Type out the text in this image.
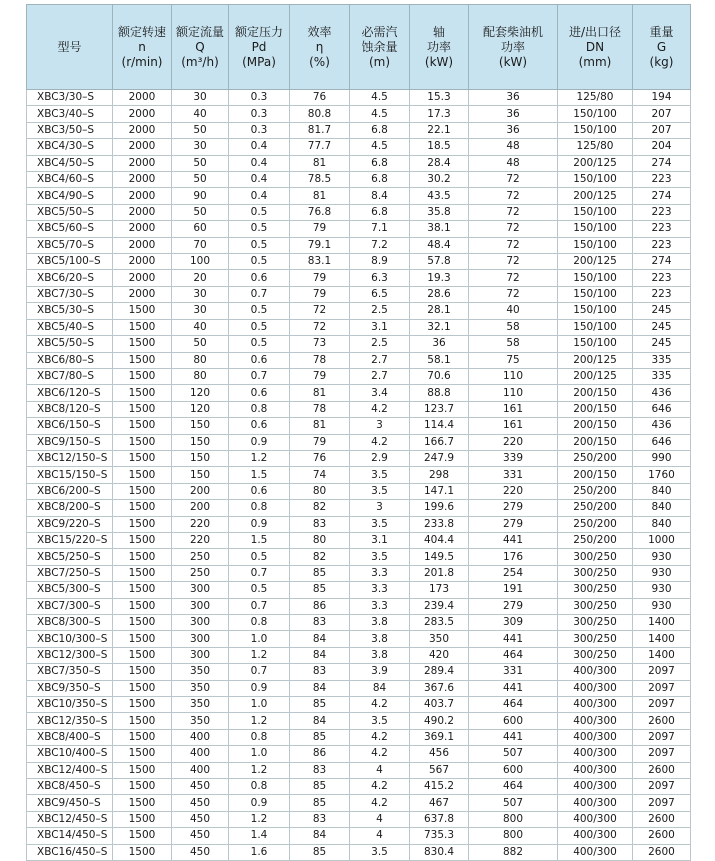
型号	额定转速
n
(r/min)	额定流量
Q
(m³/h)	额定压力
Pd
(MPa)	效率
η
(%)	必需汽
蚀余量
(m)	轴
功率
(kW)	配套柴油机
功率
(kW)	进/出口径
DN
(mm)	重量
G
(kg)

XBC3/30–S	2000	30	0.3	76	4.5	15.3	36	125/80	194
XBC3/40–S	2000	40	0.3	80.8	4.5	17.3	36	150/100	207
XBC3/50–S	2000	50	0.3	81.7	6.8	22.1	36	150/100	207
XBC4/30–S	2000	30	0.4	77.7	4.5	18.5	48	125/80	204
XBC4/50–S	2000	50	0.4	81	6.8	28.4	48	200/125	274
XBC4/60–S	2000	50	0.4	78.5	6.8	30.2	72	150/100	223
XBC4/90–S	2000	90	0.4	81	8.4	43.5	72	200/125	274
XBC5/50–S	2000	50	0.5	76.8	6.8	35.8	72	150/100	223
XBC5/60–S	2000	60	0.5	79	7.1	38.1	72	150/100	223
XBC5/70–S	2000	70	0.5	79.1	7.2	48.4	72	150/100	223
XBC5/100–S	2000	100	0.5	83.1	8.9	57.8	72	200/125	274
XBC6/20–S	2000	20	0.6	79	6.3	19.3	72	150/100	223
XBC7/30–S	2000	30	0.7	79	6.5	28.6	72	150/100	223
XBC5/30–S	1500	30	0.5	72	2.5	28.1	40	150/100	245
XBC5/40–S	1500	40	0.5	72	3.1	32.1	58	150/100	245
XBC5/50–S	1500	50	0.5	73	2.5	36	58	150/100	245
XBC6/80–S	1500	80	0.6	78	2.7	58.1	75	200/125	335
XBC7/80–S	1500	80	0.7	79	2.7	70.6	110	200/125	335
XBC6/120–S	1500	120	0.6	81	3.4	88.8	110	200/150	436
XBC8/120–S	1500	120	0.8	78	4.2	123.7	161	200/150	646
XBC6/150–S	1500	150	0.6	81	3	114.4	161	200/150	436
XBC9/150–S	1500	150	0.9	79	4.2	166.7	220	200/150	646
XBC12/150–S	1500	150	1.2	76	2.9	247.9	339	250/200	990
XBC15/150–S	1500	150	1.5	74	3.5	298	331	200/150	1760
XBC6/200–S	1500	200	0.6	80	3.5	147.1	220	250/200	840
XBC8/200–S	1500	200	0.8	82	3	199.6	279	250/200	840
XBC9/220–S	1500	220	0.9	83	3.5	233.8	279	250/200	840
XBC15/220–S	1500	220	1.5	80	3.1	404.4	441	250/200	1000
XBC5/250–S	1500	250	0.5	82	3.5	149.5	176	300/250	930
XBC7/250–S	1500	250	0.7	85	3.3	201.8	254	300/250	930
XBC5/300–S	1500	300	0.5	85	3.3	173	191	300/250	930
XBC7/300–S	1500	300	0.7	86	3.3	239.4	279	300/250	930
XBC8/300–S	1500	300	0.8	83	3.8	283.5	309	300/250	1400
XBC10/300–S	1500	300	1.0	84	3.8	350	441	300/250	1400
XBC12/300–S	1500	300	1.2	84	3.8	420	464	300/250	1400
XBC7/350–S	1500	350	0.7	83	3.9	289.4	331	400/300	2097
XBC9/350–S	1500	350	0.9	84	84	367.6	441	400/300	2097
XBC10/350–S	1500	350	1.0	85	4.2	403.7	464	400/300	2097
XBC12/350–S	1500	350	1.2	84	3.5	490.2	600	400/300	2600
XBC8/400–S	1500	400	0.8	85	4.2	369.1	441	400/300	2097
XBC10/400–S	1500	400	1.0	86	4.2	456	507	400/300	2097
XBC12/400–S	1500	400	1.2	83	4	567	600	400/300	2600
XBC8/450–S	1500	450	0.8	85	4.2	415.2	464	400/300	2097
XBC9/450–S	1500	450	0.9	85	4.2	467	507	400/300	2097
XBC12/450–S	1500	450	1.2	83	4	637.8	800	400/300	2600
XBC14/450–S	1500	450	1.4	84	4	735.3	800	400/300	2600
XBC16/450–S	1500	450	1.6	85	3.5	830.4	882	400/300	2600
